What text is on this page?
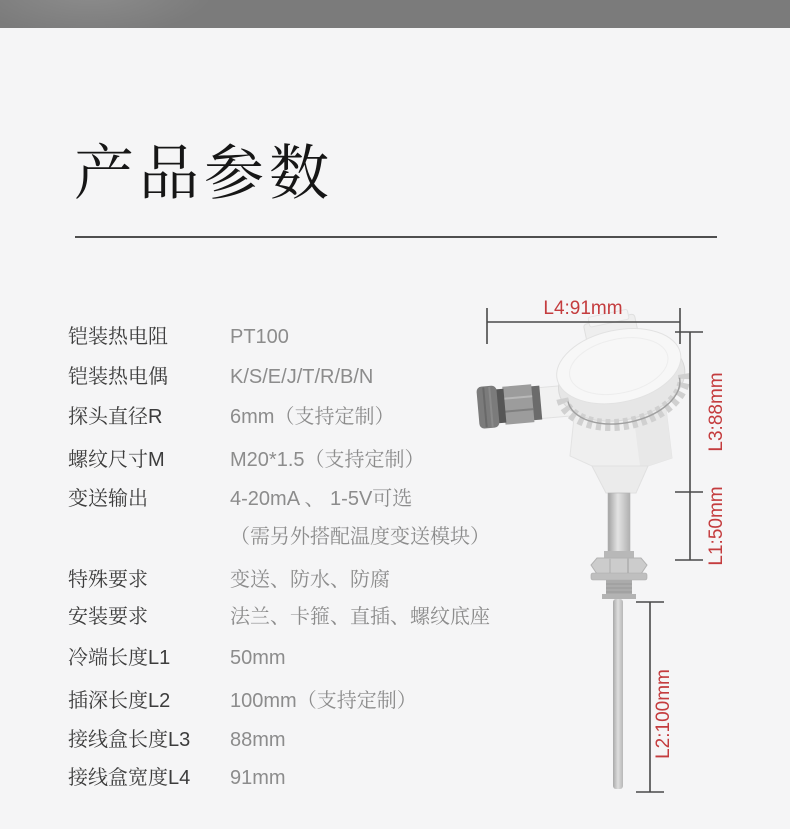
产品参数
铠装热电阻	PT100
铠装热电偶	K/S/E/J/T/R/B/N
探头直径R	6mm（支持定制）
螺纹尺寸M	M20*1.5（支持定制）
变送输出	4-20mA 、 1-5V可选
（需另外搭配温度变送模块）
特殊要求	变送、防水、防腐
安装要求	法兰、卡箍、直插、螺纹底座
冷端长度L1	50mm
插深长度L2	100mm（支持定制）
接线盒长度L3	88mm
接线盒宽度L4	91mm
L4:91mm
L3:88mm
L1:50mm
L2:100mm
